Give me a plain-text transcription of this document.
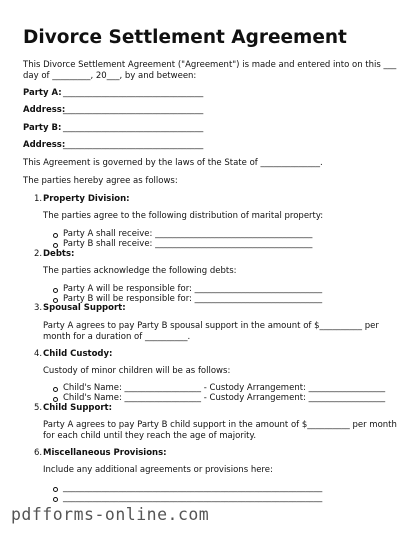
Divorce Settlement Agreement
This Divorce Settlement Agreement ("Agreement") is made and entered into on this ___
day of _________, 20___, by and between:
Party A: _________________________________
Address:
_________________________________
Party B: _________________________________
Address:
_________________________________
This Agreement is governed by the laws of the State of ______________.
The parties hereby agree as follows:
1. Property Division:
The parties agree to the following distribution of marital property:
Party A shall receive: _____________________________________
Party B shall receive: _____________________________________
2. Debts:
The parties acknowledge the following debts:
Party A will be responsible for: ______________________________
Party B will be responsible for: ______________________________
3. Spousal Support:
Party A agrees to pay Party B spousal support in the amount of $__________ per
month for a duration of __________.
4. Child Custody:
Custody of minor children will be as follows:
Child's Name: __________________ - Custody Arrangement: __________________
Child's Name: __________________ - Custody Arrangement: __________________
5. Child Support:
Party A agrees to pay Party B child support in the amount of $__________ per month
for each child until they reach the age of majority.
6. Miscellaneous Provisions:
Include any additional agreements or provisions here:
_____________________________________________________________
_____________________________________________________________
pdfforms-online.com
